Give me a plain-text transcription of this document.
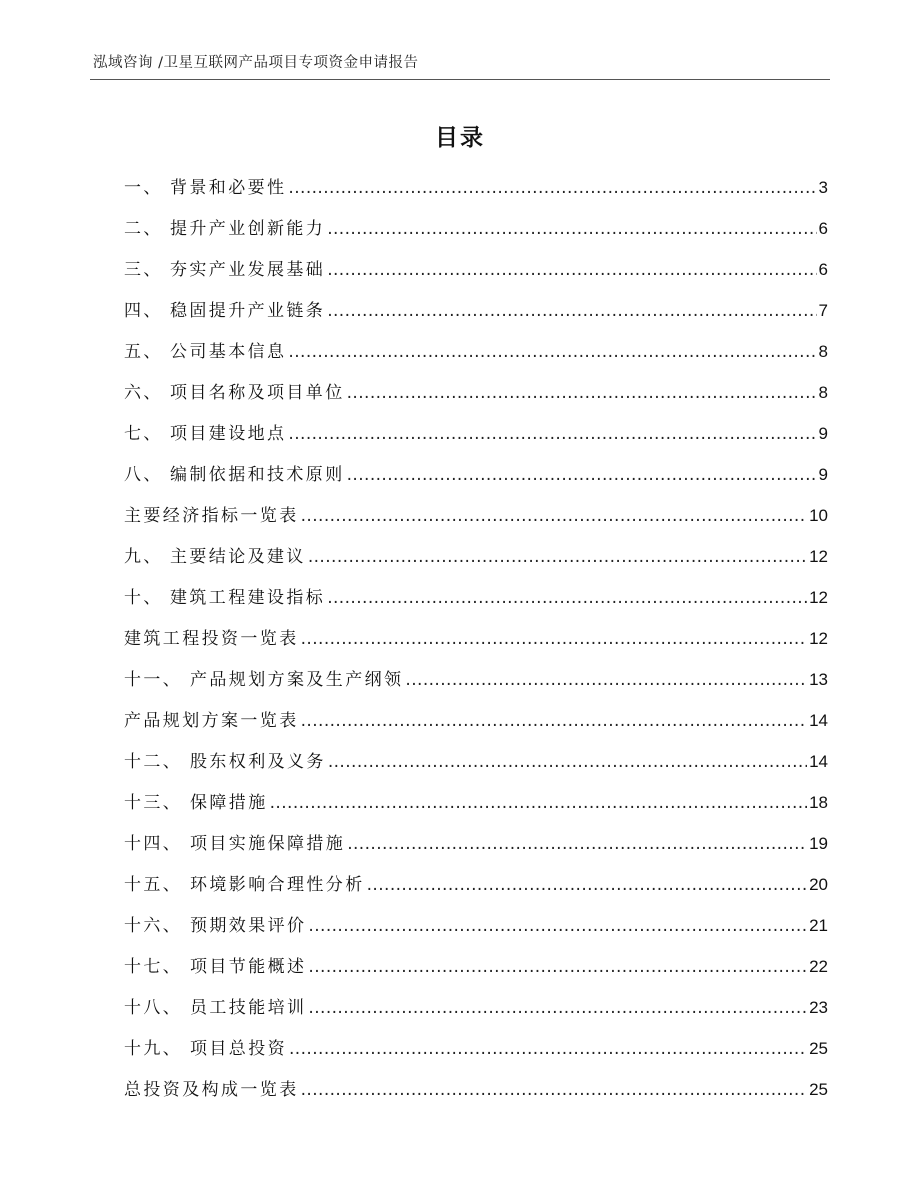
泓域咨询 /卫星互联网产品项目专项资金申请报告
目录
一、 背景和必要性 .....	3
二、 提升产业创新能力 .....	6
三、 夯实产业发展基础 .....	6
四、 稳固提升产业链条 .....	7
五、 公司基本信息 .....	8
六、 项目名称及项目单位 .....	8
七、 项目建设地点 .....	9
八、 编制依据和技术原则 .....	9
主要经济指标一览表 .....	10
九、 主要结论及建议 .....	12
十、 建筑工程建设指标 .....	12
建筑工程投资一览表 .....	12
十一、 产品规划方案及生产纲领 .....	13
产品规划方案一览表 .....	14
十二、 股东权利及义务 .....	14
十三、 保障措施 .....	18
十四、 项目实施保障措施 .....	19
十五、 环境影响合理性分析 .....	20
十六、 预期效果评价 .....	21
十七、 项目节能概述 .....	22
十八、 员工技能培训 .....	23
十九、 项目总投资 .....	25
总投资及构成一览表 .....	25
